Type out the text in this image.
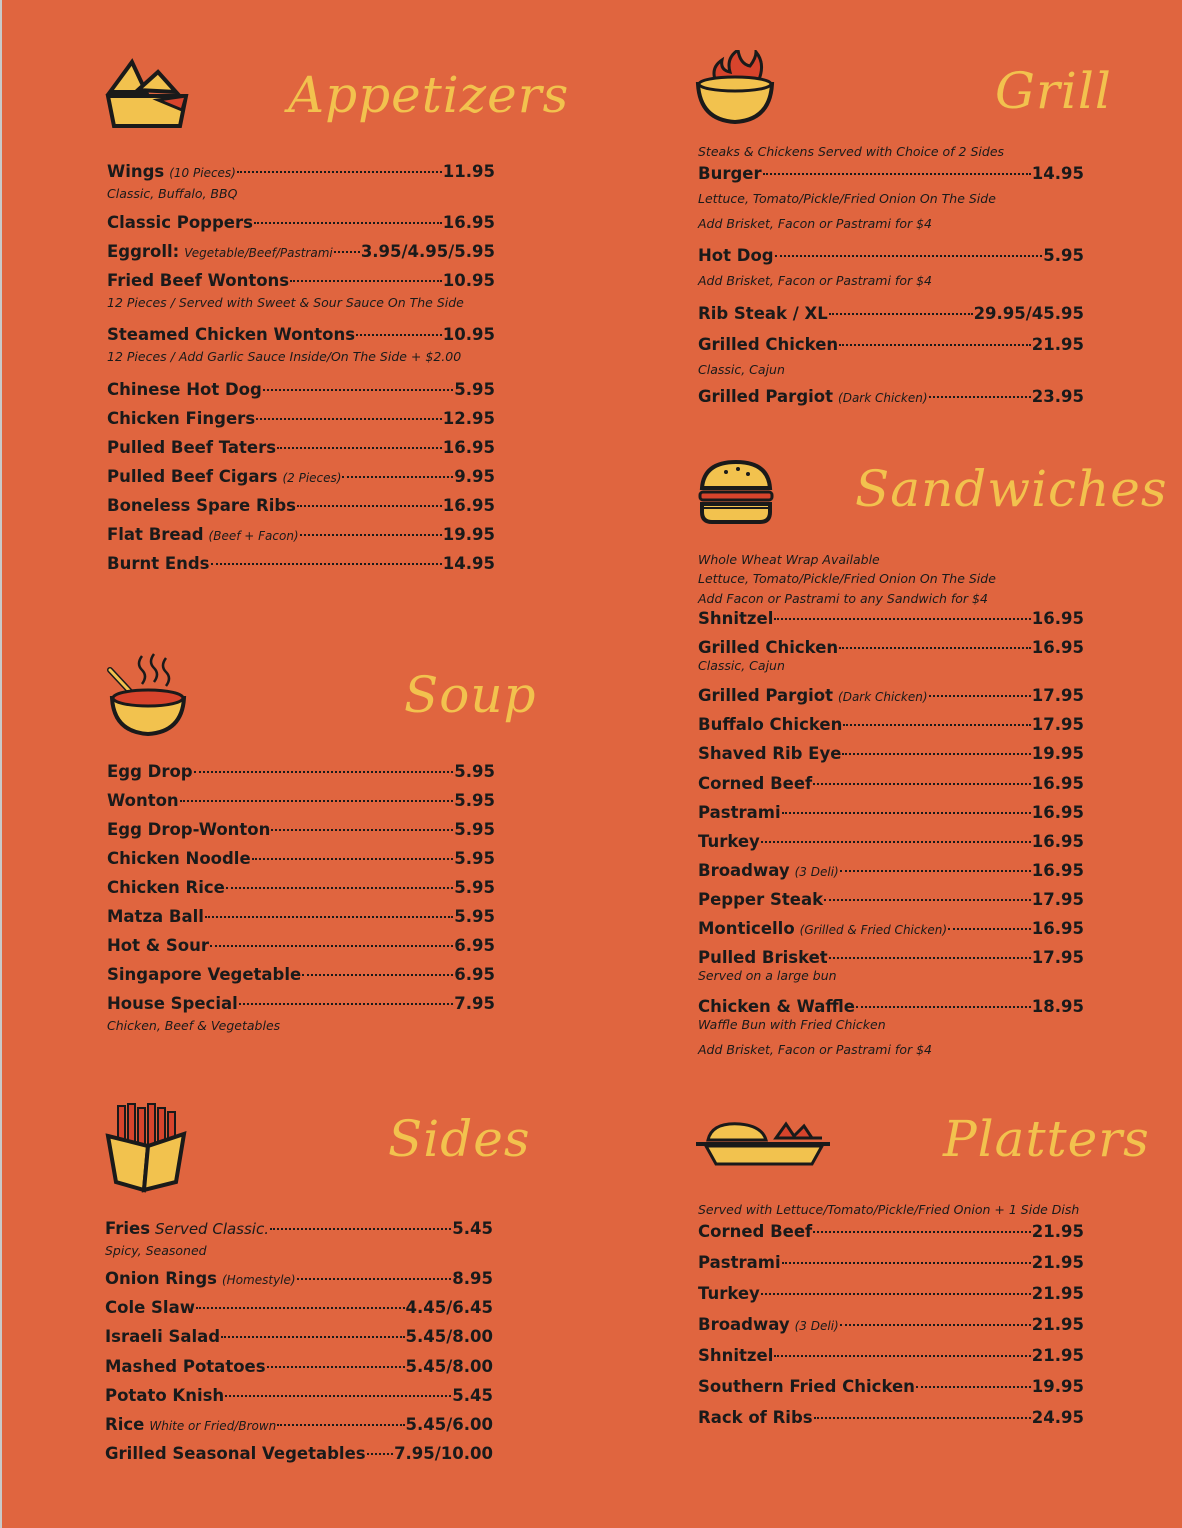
Appetizers
Wings (10 Pieces)	11.95
Classic, Buffalo, BBQ
Classic Poppers	16.95
Eggroll: Vegetable/Beef/Pastrami 3.95/4.95/5.95
Fried Beef Wontons	10.95
12 Pieces / Served with Sweet & Sour Sauce On The Side
Steamed Chicken Wontons	10.95
12 Pieces / Add Garlic Sauce Inside/On The Side + $2.00
Chinese Hot Dog	5.95
Chicken Fingers	12.95
Pulled Beef Taters	16.95
Pulled Beef Cigars (2 Pieces)	9.95
Boneless Spare Ribs	16.95
Flat Bread (Beef + Facon)	19.95
Burnt Ends	14.95
Soup
Egg Drop	5.95
Wonton	5.95
Egg Drop-Wonton	5.95
Chicken Noodle	5.95
Chicken Rice	5.95
Matza Ball	5.95
Hot & Sour	6.95
Singapore Vegetable	6.95
House Special	7.95
Chicken, Beef & Vegetables
Sides
Fries Served Classic.	5.45
Spicy, Seasoned
Onion Rings (Homestyle)	8.95
Cole Slaw	4.45/6.45
Israeli Salad	5.45/8.00
Mashed Potatoes	5.45/8.00
Potato Knish	5.45
Rice White or Fried/Brown	5.45/6.00
Grilled Seasonal Vegetables 7.95/10.00
Grill
Steaks & Chickens Served with Choice of 2 Sides
Burger	14.95
Lettuce, Tomato/Pickle/Fried Onion On The Side
Add Brisket, Facon or Pastrami for $4
Hot Dog	5.95
Add Brisket, Facon or Pastrami for $4
Rib Steak / XL	29.95/45.95
Grilled Chicken	21.95
Classic, Cajun
Grilled Pargiot (Dark Chicken)	23.95
Sandwiches
Whole Wheat Wrap Available
Lettuce, Tomato/Pickle/Fried Onion On The Side
Add Facon or Pastrami to any Sandwich for $4
Shnitzel	16.95
Grilled Chicken	16.95
Classic, Cajun
Grilled Pargiot (Dark Chicken)	17.95
Buffalo Chicken	17.95
Shaved Rib Eye	19.95
Corned Beef	16.95
Pastrami	16.95
Turkey	16.95
Broadway (3 Deli)	16.95
Pepper Steak	17.95
Monticello (Grilled & Fried Chicken)	16.95
Pulled Brisket	17.95
Served on a large bun
Chicken & Waffle	18.95
Waffle Bun with Fried Chicken
Add Brisket, Facon or Pastrami for $4
Platters
Served with Lettuce/Tomato/Pickle/Fried Onion + 1 Side Dish
Corned Beef	21.95
Pastrami	21.95
Turkey	21.95
Broadway (3 Deli)	21.95
Shnitzel	21.95
Southern Fried Chicken	19.95
Rack of Ribs	24.95
